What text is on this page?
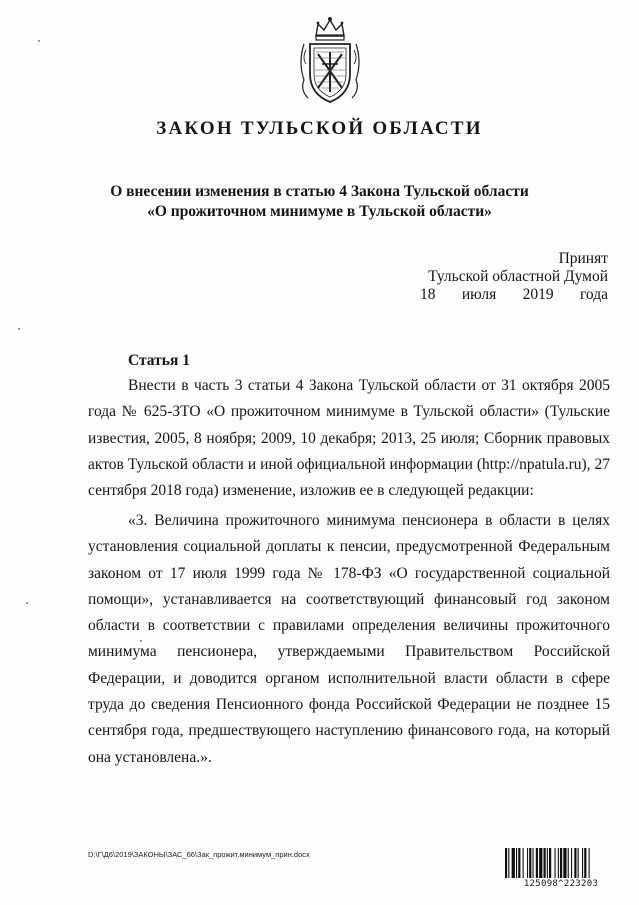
ЗАКОН ТУЛЬСКОЙ ОБЛАСТИ
О внесении изменения в статью 4 Закона Тульской области
«О прожиточном минимуме в Тульской области»
Принят
Тульской областной Думой
18 июля 2019 года
Статья 1

Внести в часть 3 статьи 4 Закона Тульской области от 31 октября 2005 года № 625-ЗТО «О прожиточном минимуме в Тульской области» (Тульские известия, 2005, 8 ноября; 2009, 10 декабря; 2013, 25 июля; Сборник правовых актов Тульской области и иной официальной информации (http://npatula.ru), 27 сентября 2018 года) изменение, изложив ее в следующей редакции:

«3. Величина прожиточного минимума пенсионера в области в целях установления социальной доплаты к пенсии, предусмотренной Федеральным законом от 17 июля 1999 года № 178-ФЗ «О государственной социальной помощи», устанавливается на соответствующий финансовый год законом области в соответствии с правилами определения величины прожиточного минимума пенсионера, утверждаемыми Правительством Российской Федерации, и доводится органом исполнительной власти области в сфере труда до сведения Пенсионного фонда Российской Федерации не позднее 15 сентября года, предшествующего наступлению финансового года, на который она установлена.».

D:\Г\Д6\2019\ЗАКОНЫ\ЗАС_66\Зак_прожит.минимум_прин.docx
125098^223203
